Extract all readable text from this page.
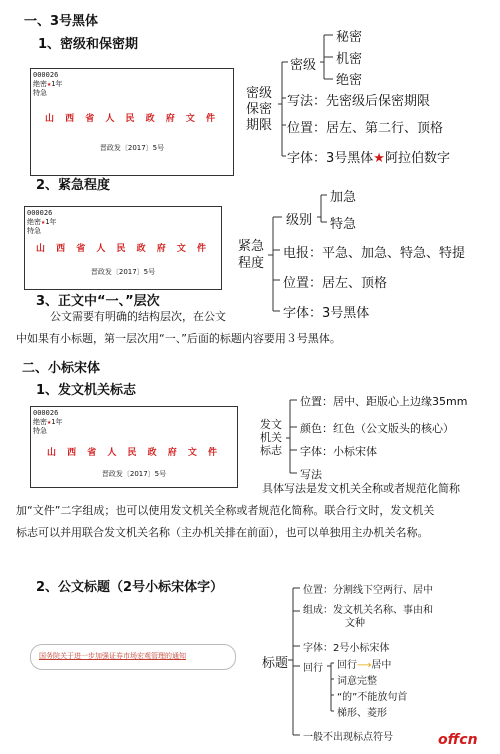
一、3号黑体
1、密级和保密期
000026
绝密★1年
特急
山 西 省 人 民 政 府 文 件
晋政发〔2017〕5号
密级
保密
期限
密级
秘密
机密
绝密
写法：先密级后保密期限
位置：居左、第二行、顶格
字体：3号黑体★阿拉伯数字
2、紧急程度
000026
绝密★1年
特急
山 西 省 人 民 政 府 文 件
晋政发〔2017〕5号
紧急
程度
级别
加急
特急
电报：平急、加急、特急、特提
位置：居左、顶格
字体：3号黑体
3、正文中“一、”层次
公文需要有明确的结构层次，在公文
中如果有小标题，第一层次用“一、”后面的标题内容要用３号黑体。
二、小标宋体
1、发文机关标志
000026
绝密★1年
特急
山 西 省 人 民 政 府 文 件
晋政发〔2017〕5号
发文
机关
标志
位置：居中、距版心上边缘35mm
颜色：红色（公文版头的核心）
字体：小标宋体
写法
具体写法是发文机关全称或者规范化简称
加“文件”二字组成；也可以使用发文机关全称或者规范化简称。联合行文时，发文机关
标志可以并用联合发文机关名称（主办机关排在前面），也可以单独用主办机关名称。
2、公文标题（2号小标宋体字）
国务院关于进一步加强证券市场宏观管理的通知	标题
位置：分割线下空两行、居中
组成：发文机关名称、事由和
文种
字体：2号小标宋体
回行 回行⟶居中
词意完整
“的”不能放句首
梯形、菱形
一般不出现标点符号	offcn
